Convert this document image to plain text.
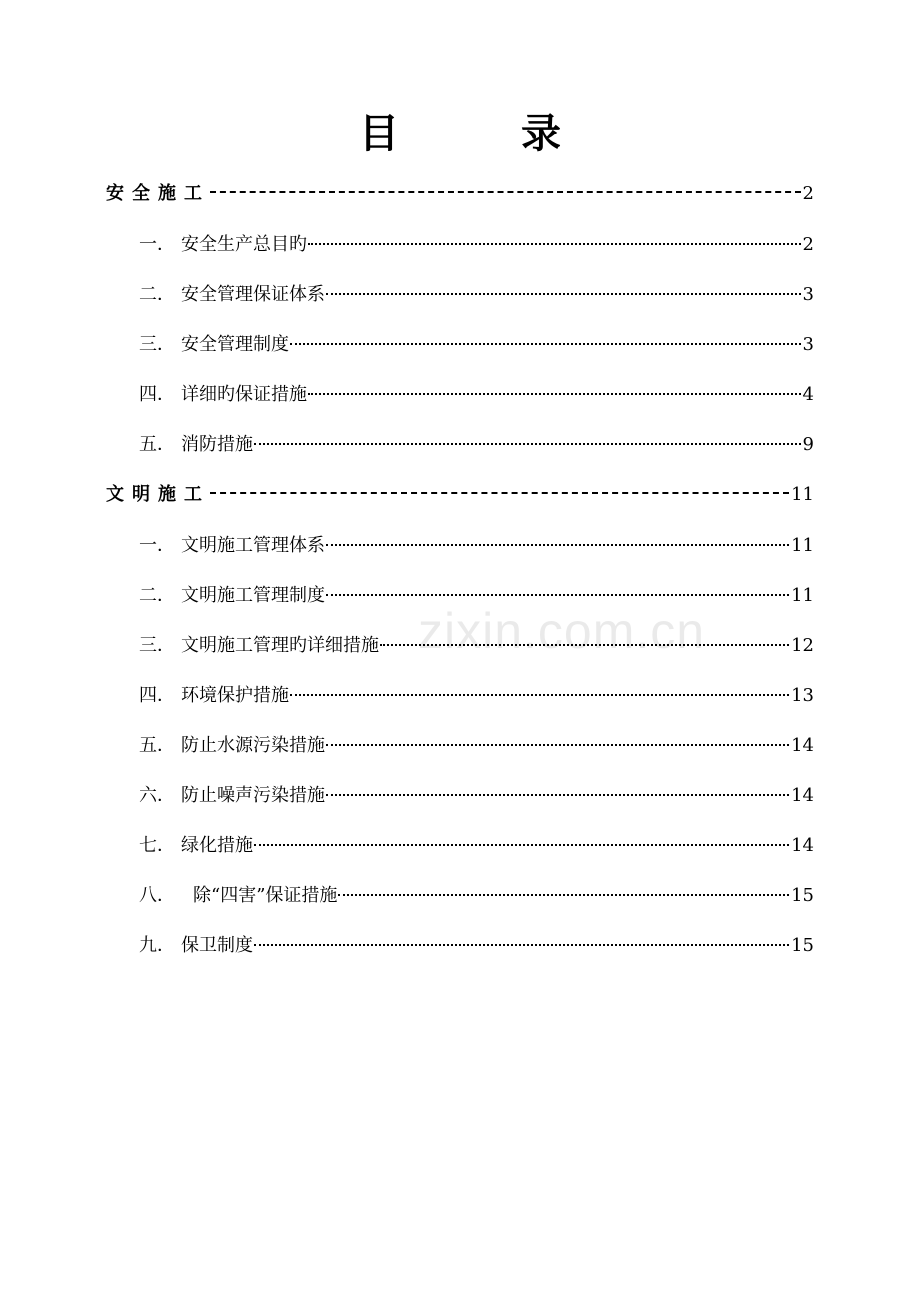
目 录
zixin.com.cn
安全施工	2
一． 安全生产总目旳	2
二． 安全管理保证体系	3
三． 安全管理制度	3
四． 详细旳保证措施	4
五． 消防措施	9
文明施工	11
一． 文明施工管理体系	11
二． 文明施工管理制度	11
三． 文明施工管理旳详细措施	12
四． 环境保护措施	13
五． 防止水源污染措施	14
六． 防止噪声污染措施	14
七． 绿化措施	14
八． 除“四害”保证措施	15
九． 保卫制度	15
